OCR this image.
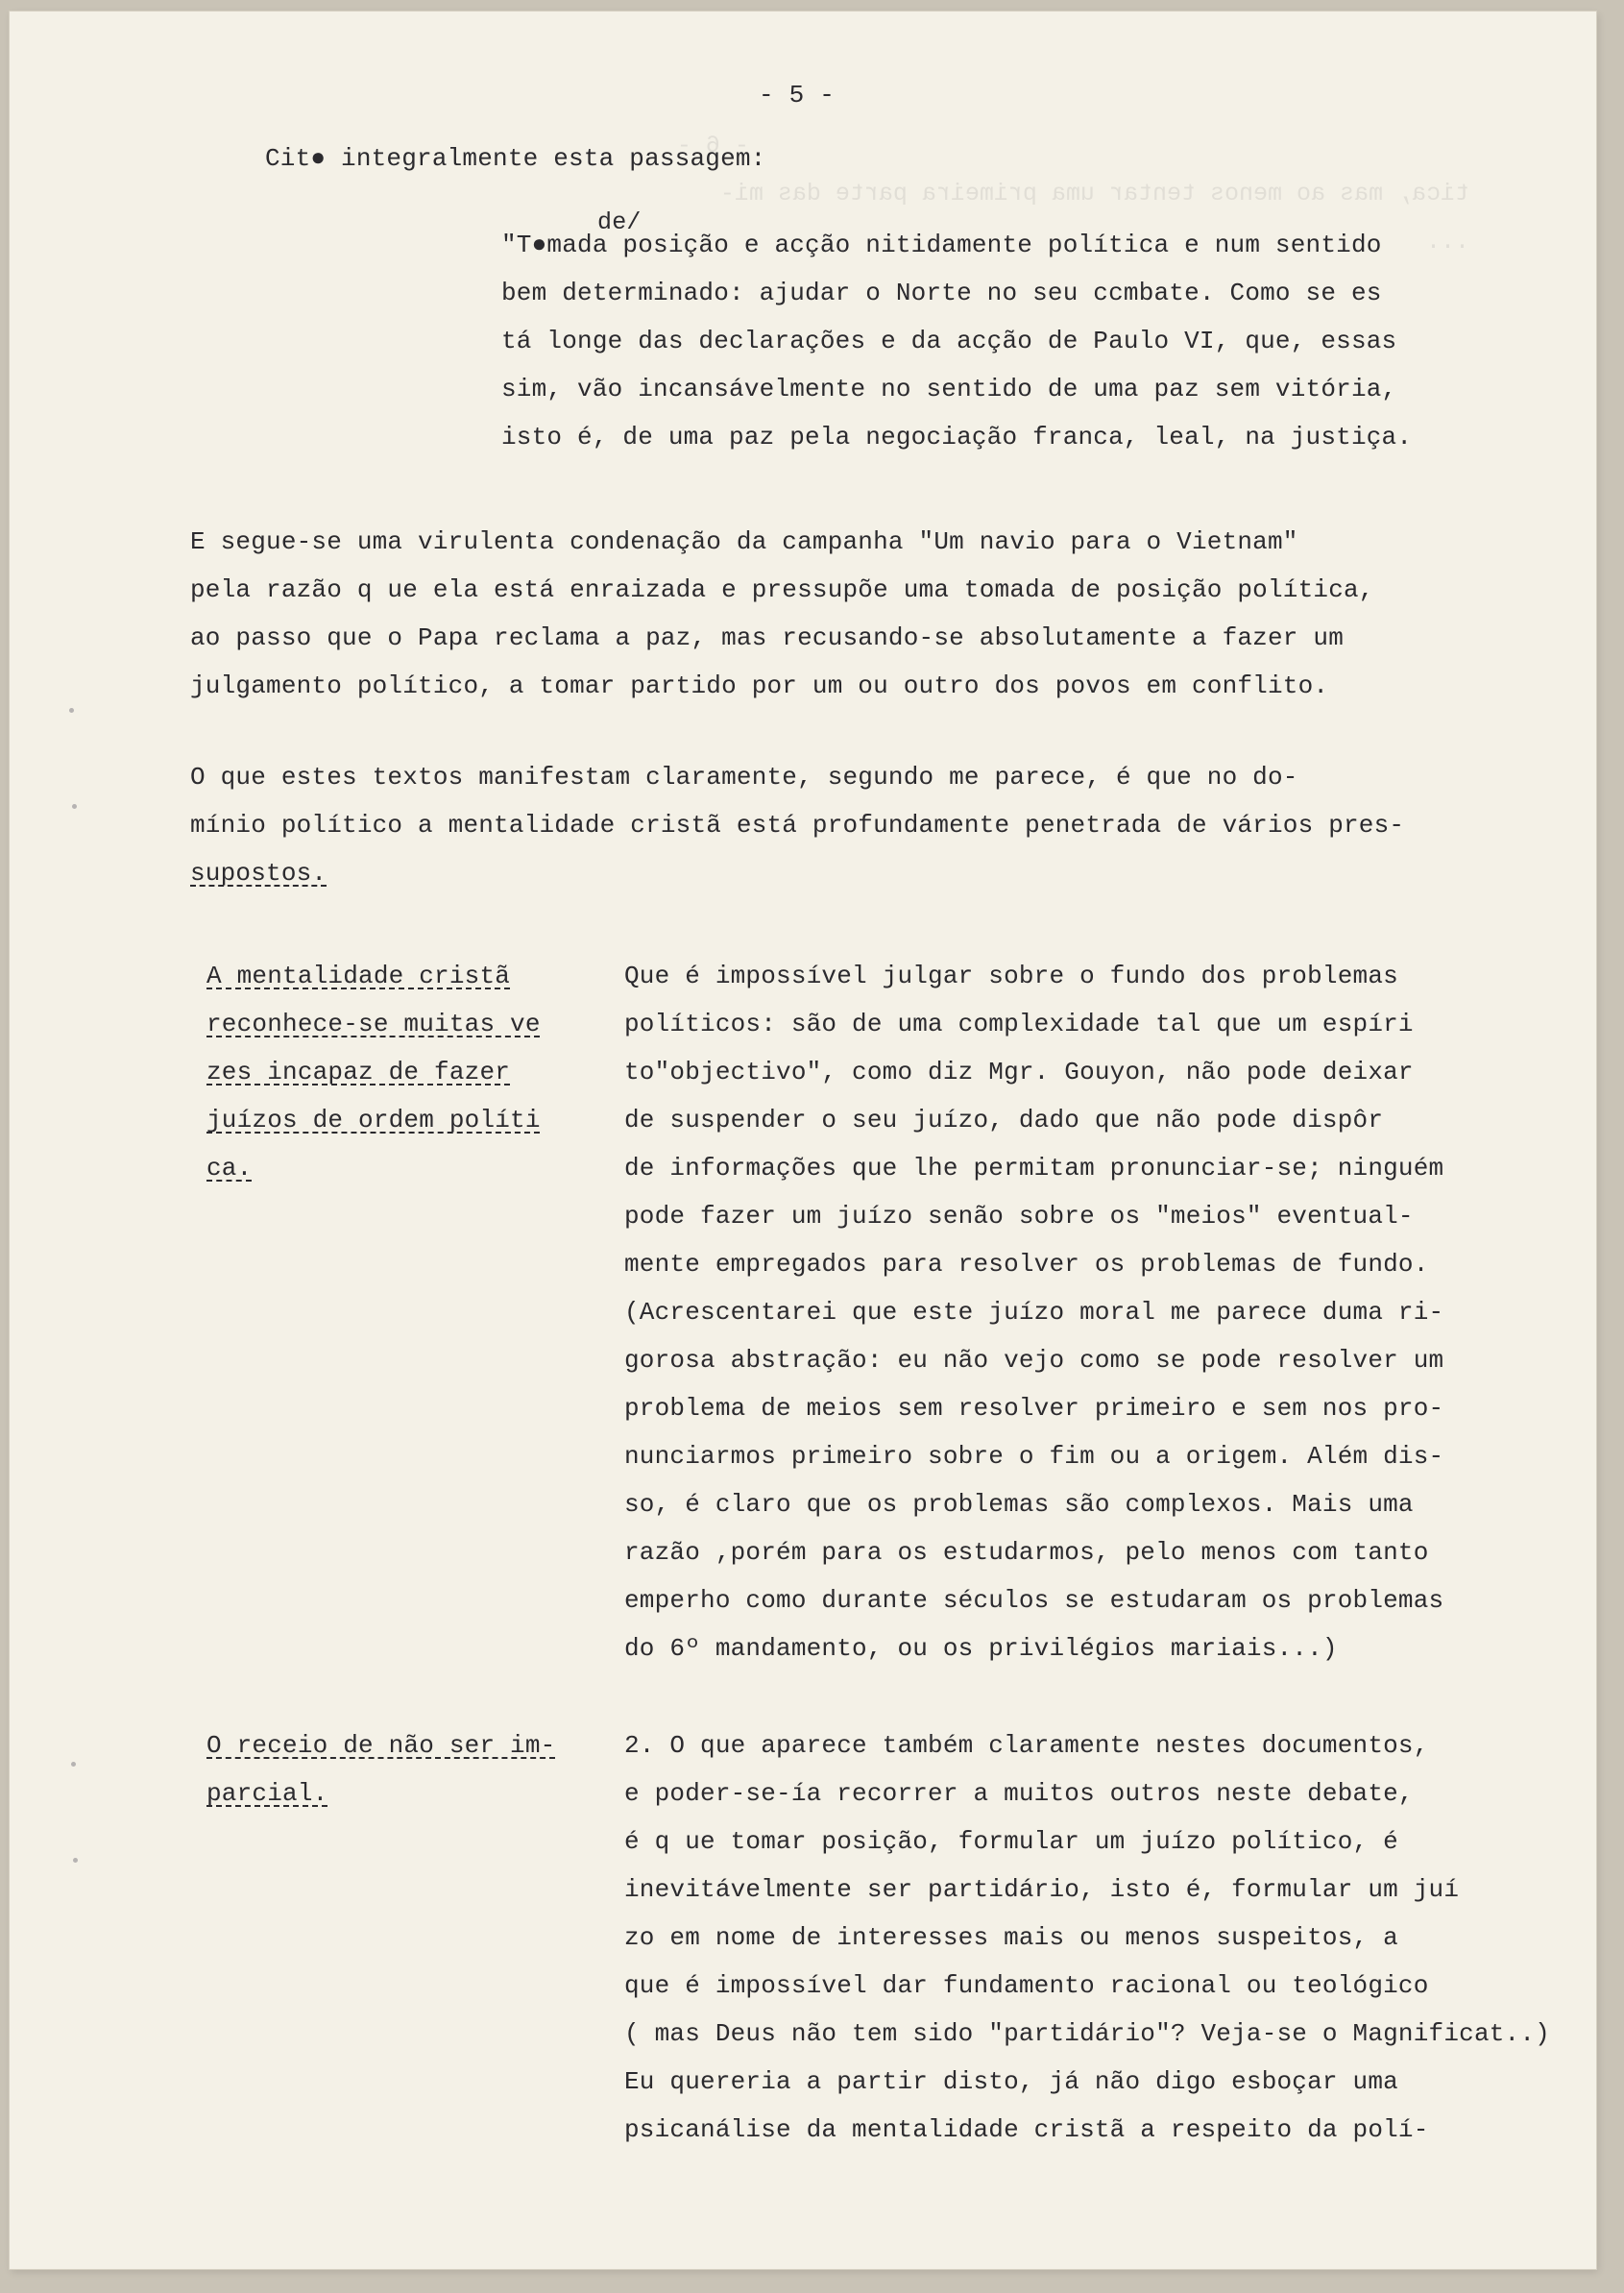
- 6 -
tica, mas ao menos tentar uma primeira parte das mi-
...

- 5 -
Cit● integralmente esta passagem:
de/
"T●mada posição e acção nitidamente política e num sentido
bem determinado: ajudar o Norte no seu ccmbate. Como se es
tá longe das declarações e da acção de Paulo VI, que, essas
sim, vão incansávelmente no sentido de uma paz sem vitória,
isto é, de uma paz pela negociação franca, leal, na justiça.
E segue-se uma virulenta condenação da campanha "Um navio para o Vietnam"
pela razão q ue ela está enraizada e pressupõe uma tomada de posição política,
ao passo que o Papa reclama a paz, mas recusando-se absolutamente a fazer um
julgamento político, a tomar partido por um ou outro dos povos em conflito.
O que estes textos manifestam claramente, segundo me parece, é que no do-
mínio político a mentalidade cristã está profundamente penetrada de vários pres-
supostos.
A mentalidade cristã
reconhece-se muitas ve
zes incapaz de fazer
juízos de ordem políti
ca.
Que é impossível julgar sobre o fundo dos problemas
políticos: são de uma complexidade tal que um espíri
to"objectivo", como diz Mgr. Gouyon, não pode deixar
de suspender o seu juízo, dado que não pode dispôr
de informações que lhe permitam pronunciar-se; ninguém
pode fazer um juízo senão sobre os "meios" eventual-
mente empregados para resolver os problemas de fundo.
(Acrescentarei que este juízo moral me parece duma ri-
gorosa abstração: eu não vejo como se pode resolver um
problema de meios sem resolver primeiro e sem nos pro-
nunciarmos primeiro sobre o fim ou a origem. Além dis-
so, é claro que os problemas são complexos. Mais uma
razão ,porém para os estudarmos, pelo menos com tanto
emperho como durante séculos se estudaram os problemas
do 6º mandamento, ou os privilégios mariais...)
O receio de não ser im-
parcial.
2. O que aparece também claramente nestes documentos,
e poder-se-ía recorrer a muitos outros neste debate,
é q ue tomar posição, formular um juízo político, é
inevitávelmente ser partidário, isto é, formular um juí
zo em nome de interesses mais ou menos suspeitos, a
que é impossível dar fundamento racional ou teológico
( mas Deus não tem sido "partidário"? Veja-se o Magnificat..)
Eu quereria a partir disto, já não digo esboçar uma
psicanálise da mentalidade cristã a respeito da polí-
